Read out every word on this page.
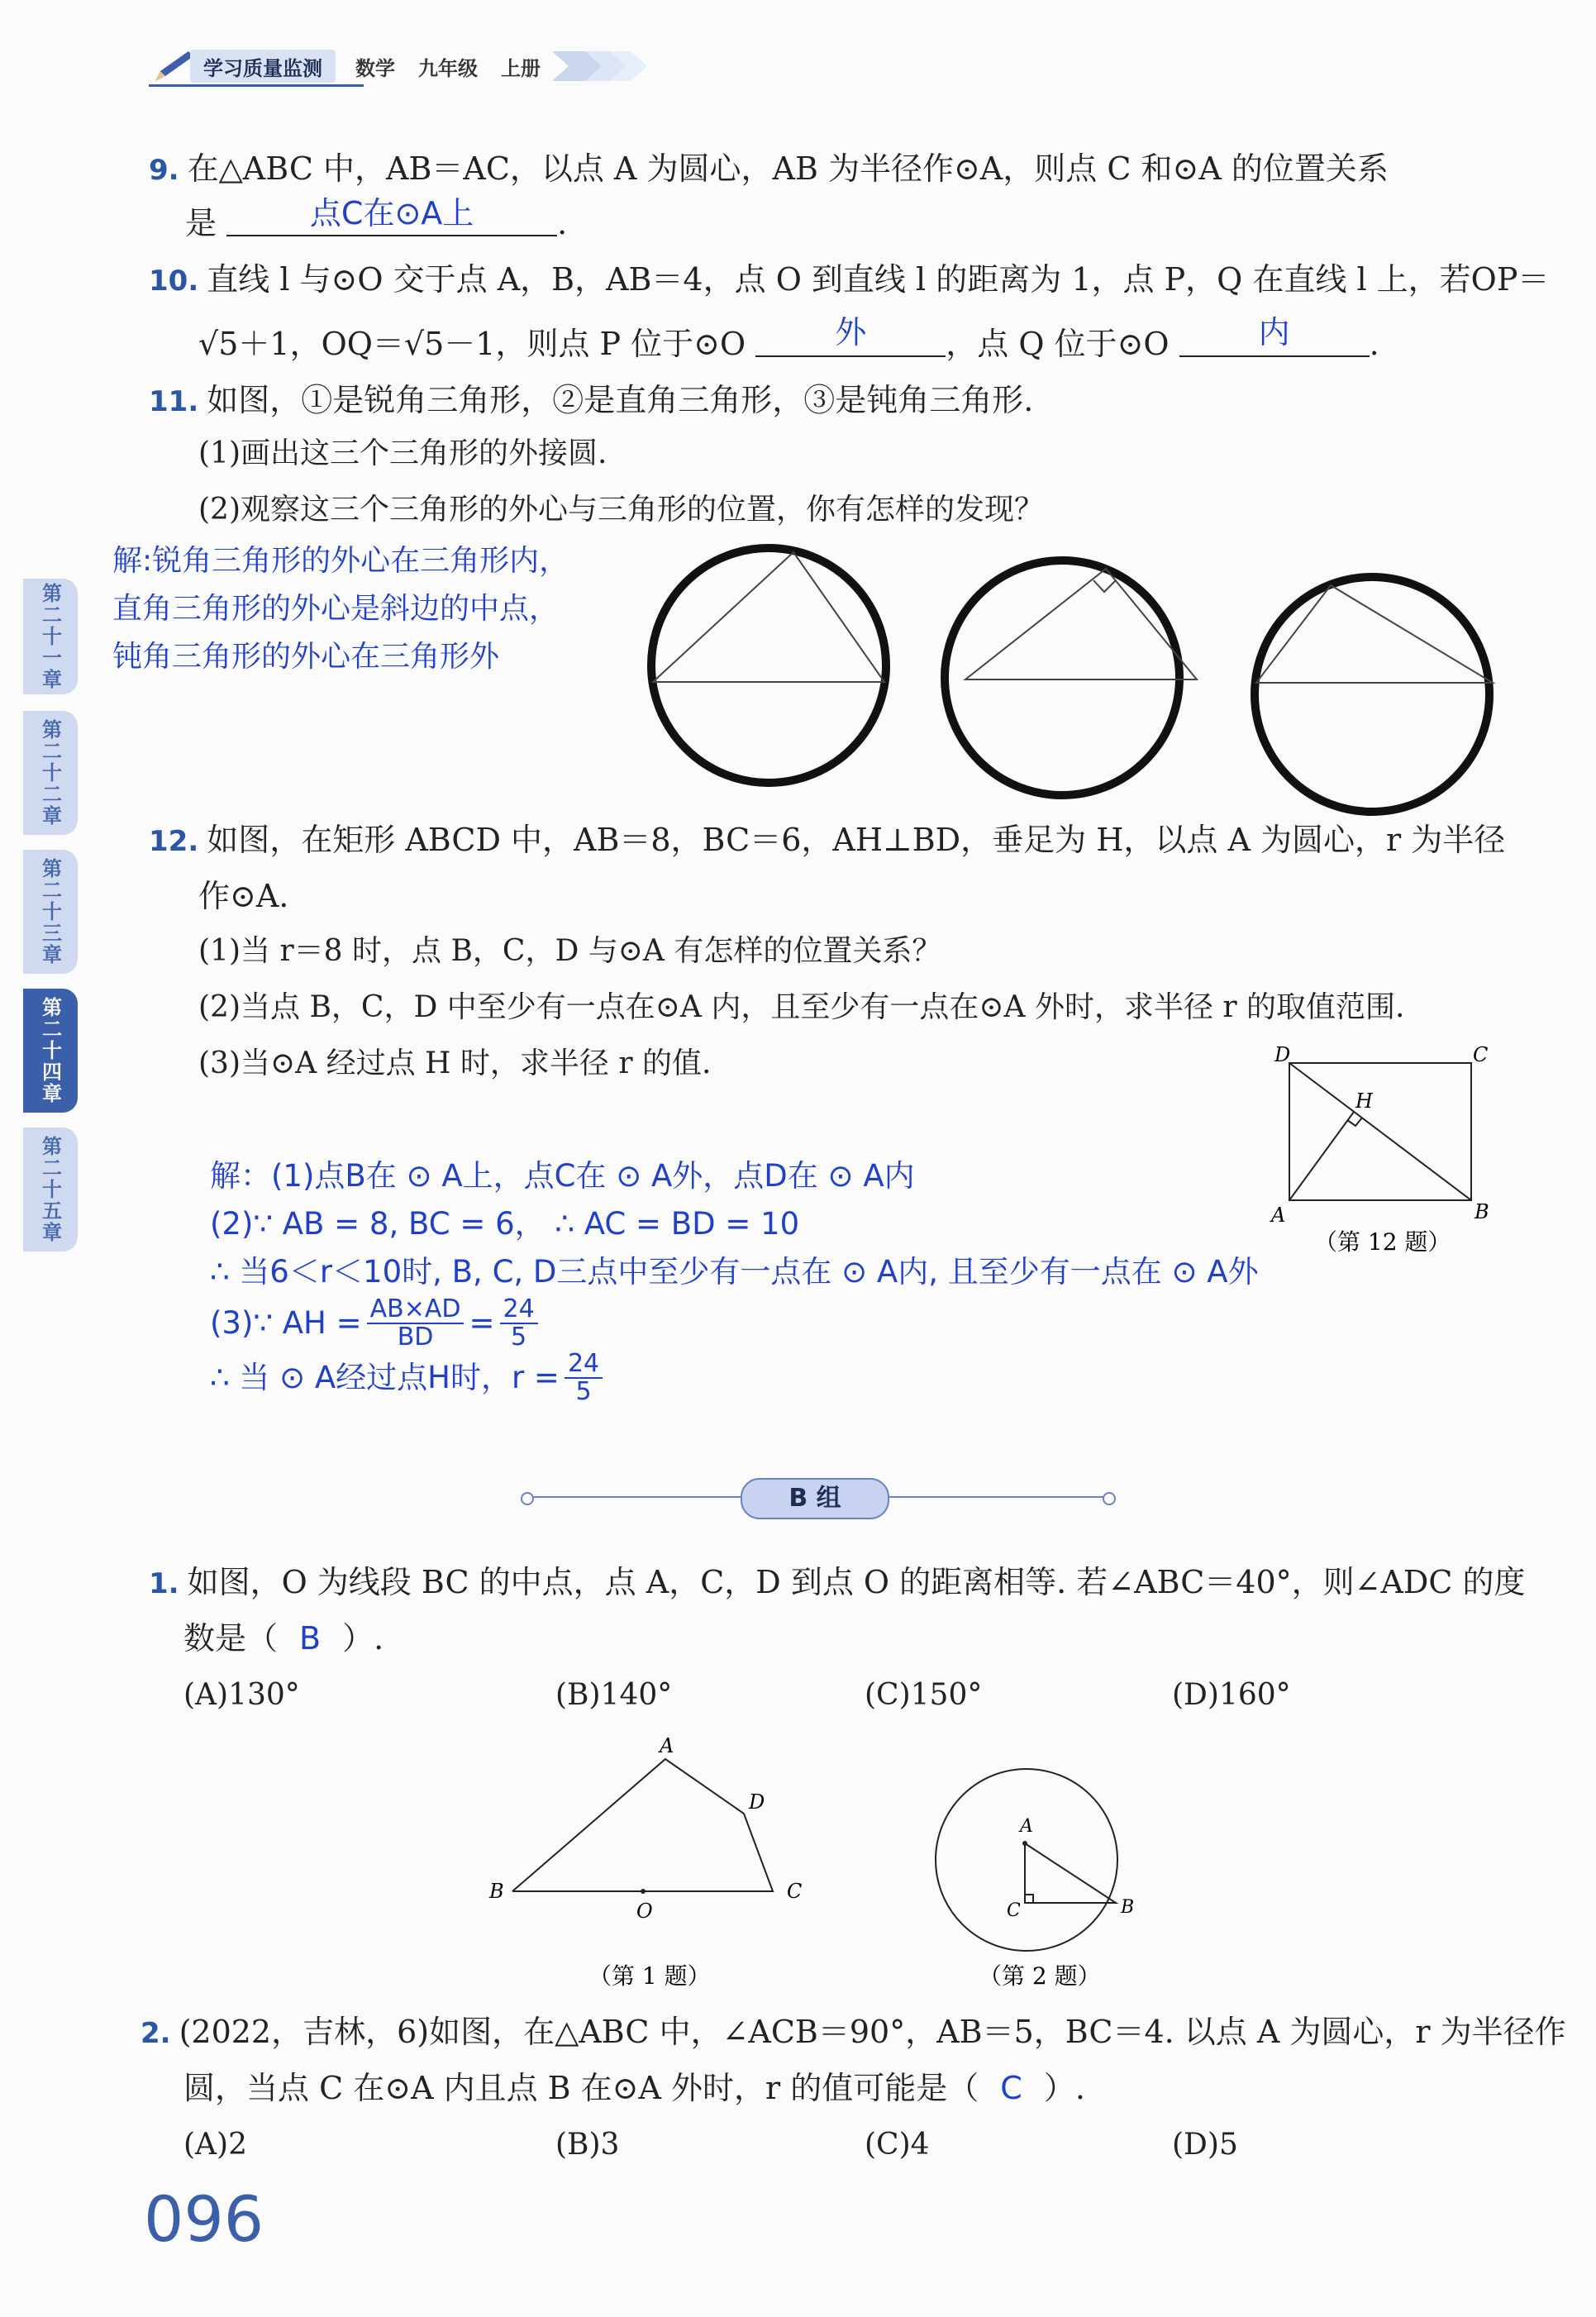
学习质量监测 数学 九年级 上册
第二十一章
第二十二章
第二十三章
第二十四章
第二十五章
9. 在△ABC 中，AB＝AC，以点 A 为圆心，AB 为半径作⊙A，则点 C 和⊙A 的位置关系
是	点C在⊙A上	.
10. 直线 l 与⊙O 交于点 A，B，AB＝4，点 O 到直线 l 的距离为 1，点 P，Q 在直线 l 上，若OP＝
√5＋1，OQ＝√5－1，则点 P 位于⊙O	外	，点 Q 位于⊙O	内	.
11. 如图，①是锐角三角形，②是直角三角形，③是钝角三角形.
(1)画出这三个三角形的外接圆.
(2)观察这三个三角形的外心与三角形的位置，你有怎样的发现？
解:锐角三角形的外心在三角形内，
直角三角形的外心是斜边的中点，
钝角三角形的外心在三角形外
12. 如图，在矩形 ABCD 中，AB＝8，BC＝6，AH⊥BD，垂足为 H，以点 A 为圆心，r 为半径
作⊙A.
(1)当 r＝8 时，点 B，C，D 与⊙A 有怎样的位置关系？
(2)当点 B，C，D 中至少有一点在⊙A 内，且至少有一点在⊙A 外时，求半径 r 的取值范围.
(3)当⊙A 经过点 H 时，求半径 r 的值.	D	C
A	B
H
（第 12 题）
解：(1)点B在 ⊙ A上，点C在 ⊙ A外，点D在 ⊙ A内
(2)∵ AB = 8, BC = 6， ∴ AC = BD = 10
∴ 当6＜r＜10时, B, C, D三点中至少有一点在 ⊙ A内, 且至少有一点在 ⊙ A外
(3)∵ AH = $\frac{AB\times AD}{BD} = \frac{24}{5}$
∴ 当 ⊙ A经过点H时，$r = \frac{24}{5}$
B 组
1. 如图，O 为线段 BC 的中点，点 A，C，D 到点 O 的距离相等. 若∠ABC＝40°，则∠ADC 的度
数是（ B ）.
(A)130°	(B)140°	(C)150°	(D)160°
A
B	C
D
O
（第 1 题）
A
C	B
（第 2 题）
2. (2022，吉林，6)如图，在△ABC 中，∠ACB＝90°，AB＝5，BC＝4. 以点 A 为圆心，r 为半径作
圆，当点 C 在⊙A 内且点 B 在⊙A 外时，r 的值可能是（ C ）.
(A)2	(B)3	(C)4	(D)5
096
